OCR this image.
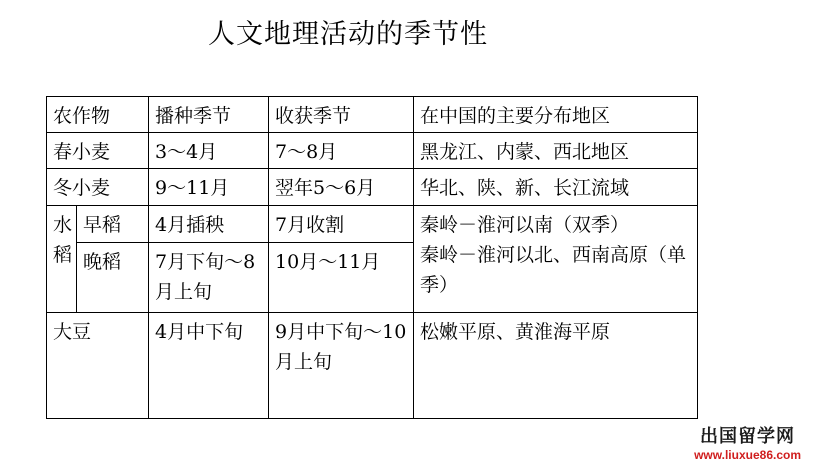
人文地理活动的季节性
农作物		播种季节	收获季节	在中国的主要分布地区
春小麦		3～4月	7～8月	黑龙江、内蒙、西北地区
冬小麦		9～11月	翌年5～6月	华北、陕、新、长江流域
水稻	早稻	4月插秧	7月收割	秦岭－淮河以南（双季）
秦岭－淮河以北、西南高原（单季）

	晚稻	7月下旬～8月上旬	10月～11月	
大豆		4月中下旬	9月中下旬～10月上旬	松嫩平原、黄淮海平原
出国留学网
www.liuxue86.com
